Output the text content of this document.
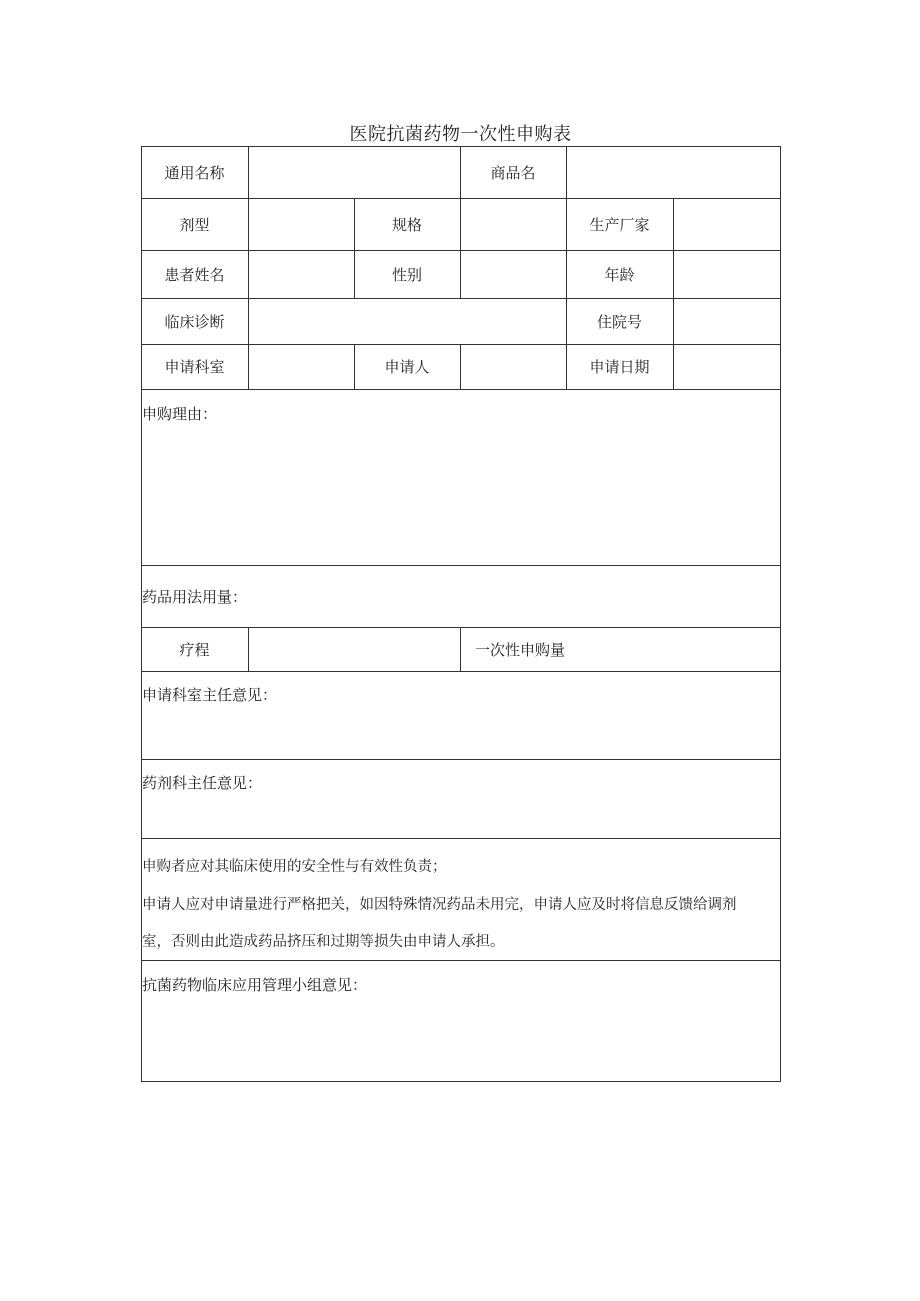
医院抗菌药物一次性申购表
通用名称	商品名
剂型	规格	生产厂家
患者姓名	性别	年龄
临床诊断	住院号
申请科室	申请人	申请日期
申购理由：
药品用法用量：
疗程	一次性申购量
申请科室主任意见：
药剂科主任意见：
申购者应对其临床使用的安全性与有效性负责；
申请人应对申请量进行严格把关，如因特殊情况药品未用完，申请人应及时将信息反馈给调剂
室，否则由此造成药品挤压和过期等损失由申请人承担。
抗菌药物临床应用管理小组意见：
